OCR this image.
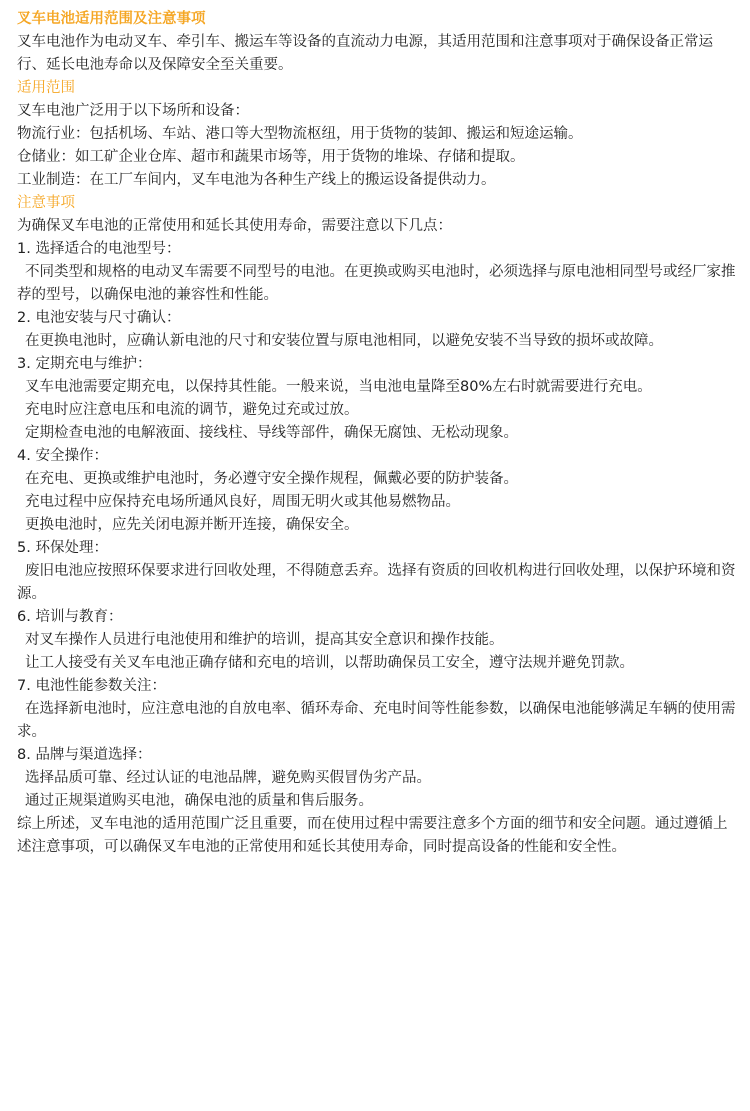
叉车电池适用范围及注意事项

叉车电池作为电动叉车、牵引车、搬运车等设备的直流动力电源，其适用范围和注意事项对于确保设备正常运行、延长电池寿命以及保障安全至关重要。

适用范围

叉车电池广泛用于以下场所和设备：

物流行业：包括机场、车站、港口等大型物流枢纽，用于货物的装卸、搬运和短途运输。

仓储业：如工矿企业仓库、超市和蔬果市场等，用于货物的堆垛、存储和提取。

工业制造：在工厂车间内，叉车电池为各种生产线上的搬运设备提供动力。

注意事项

为确保叉车电池的正常使用和延长其使用寿命，需要注意以下几点：

1. 选择适合的电池型号：

不同类型和规格的电动叉车需要不同型号的电池。在更换或购买电池时，必须选择与原电池相同型号或经厂家推荐的型号，以确保电池的兼容性和性能。

2. 电池安装与尺寸确认：

在更换电池时，应确认新电池的尺寸和安装位置与原电池相同，以避免安装不当导致的损坏或故障。

3. 定期充电与维护：

叉车电池需要定期充电，以保持其性能。一般来说，当电池电量降至80%左右时就需要进行充电。

充电时应注意电压和电流的调节，避免过充或过放。

定期检查电池的电解液面、接线柱、导线等部件，确保无腐蚀、无松动现象。

4. 安全操作：

在充电、更换或维护电池时，务必遵守安全操作规程，佩戴必要的防护装备。

充电过程中应保持充电场所通风良好，周围无明火或其他易燃物品。

更换电池时，应先关闭电源并断开连接，确保安全。

5. 环保处理：

废旧电池应按照环保要求进行回收处理，不得随意丢弃。选择有资质的回收机构进行回收处理，以保护环境和资源。

6. 培训与教育：

对叉车操作人员进行电池使用和维护的培训，提高其安全意识和操作技能。

让工人接受有关叉车电池正确存储和充电的培训，以帮助确保员工安全，遵守法规并避免罚款。

7. 电池性能参数关注：

在选择新电池时，应注意电池的自放电率、循环寿命、充电时间等性能参数，以确保电池能够满足车辆的使用需求。

8. 品牌与渠道选择：

选择品质可靠、经过认证的电池品牌，避免购买假冒伪劣产品。

通过正规渠道购买电池，确保电池的质量和售后服务。

综上所述，叉车电池的适用范围广泛且重要，而在使用过程中需要注意多个方面的细节和安全问题。通过遵循上述注意事项，可以确保叉车电池的正常使用和延长其使用寿命，同时提高设备的性能和安全性。
